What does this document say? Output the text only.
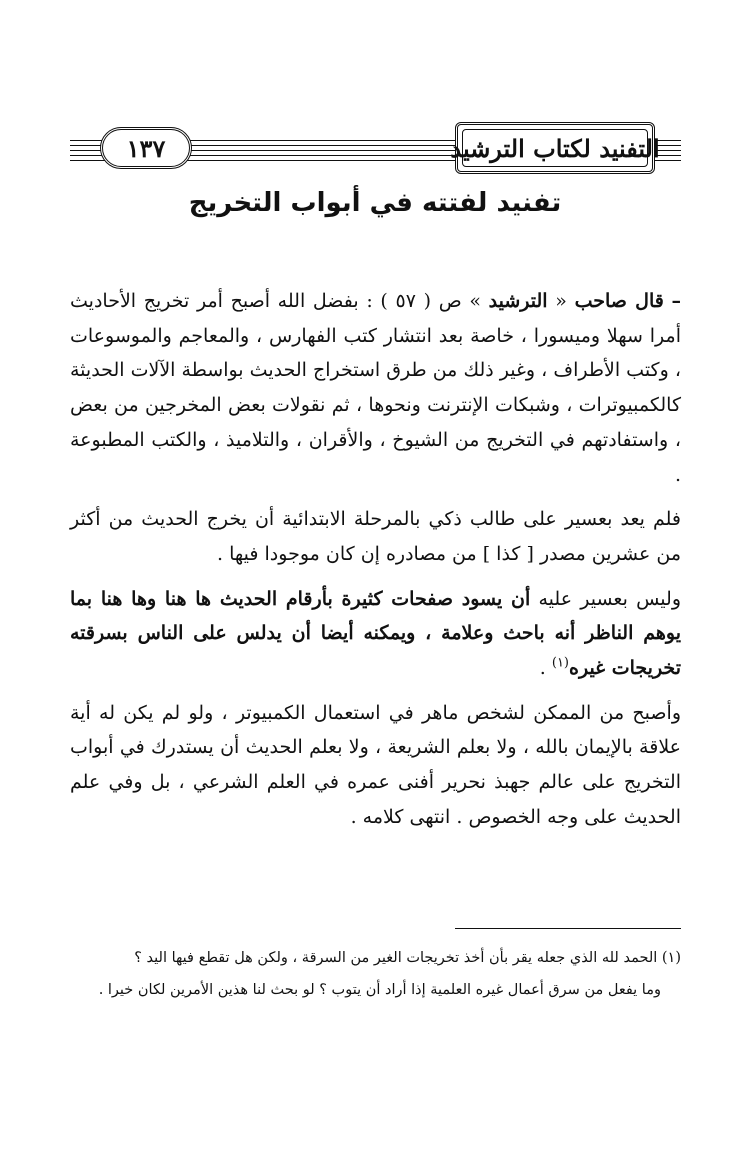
التفنيد لكتاب الترشيد
١٣٧
تفنيد لفتته في أبواب التخريج

– قال صاحب « الترشيد » ص ( ٥٧ ) : بفضل الله أصبح أمر تخريج الأحاديث أمرا سهلا وميسورا ، خاصة بعد انتشار كتب الفهارس ، والمعاجم والموسوعات ، وكتب الأطراف ، وغير ذلك من طرق استخراج الحديث بواسطة الآلات الحديثة كالكمبيوترات ، وشبكات الإنترنت ونحوها ، ثم نقولات بعض المخرجين من بعض ، واستفادتهم في التخريج من الشيوخ ، والأقران ، والتلاميذ ، والكتب المطبوعة .

فلم يعد بعسير على طالب ذكي بالمرحلة الابتدائية أن يخرج الحديث من أكثر من عشرين مصدر [ كذا ] من مصادره إن كان موجودا فيها .

وليس بعسير عليه أن يسود صفحات كثيرة بأرقام الحديث ها هنا وها هنا بما يوهم الناظر أنه باحث وعلامة ، ويمكنه أيضا أن يدلس على الناس بسرقته تخريجات غيره$^{(١)}$ .

وأصبح من الممكن لشخص ماهر في استعمال الكمبيوتر ، ولو لم يكن له أية علاقة بالإيمان بالله ، ولا بعلم الشريعة ، ولا بعلم الحديث أن يستدرك في أبواب التخريج على عالم جهبذ نحرير أفنى عمره في العلم الشرعي ، بل وفي علم الحديث على وجه الخصوص . انتهى كلامه .

(١) الحمد لله الذي جعله يقر بأن أخذ تخريجات الغير من السرقة ، ولكن هل تقطع فيها اليد ؟

وما يفعل من سرق أعمال غيره العلمية إذا أراد أن يتوب ؟ لو بحث لنا هذين الأمرين لكان خيرا .
